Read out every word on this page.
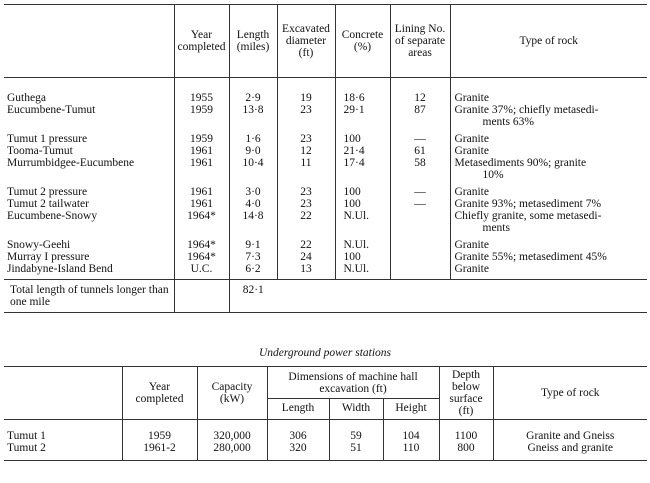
	Year completed	Length (miles)	Excavated diameter (ft)	Concrete (%)	Lining No. of separate areas	Type of rock

Guthega	1955	2·9	19	18·6	12	Granite

Eucumbene-Tumut	1959	13·8	23	29·1	87	Granite 37%; chiefly metasedi-
ments 63%

Tumut 1 pressure	1959	1·6	23	100	—	Granite

Tooma-Tumut	1961	9·0	12	21·4	61	Granite

Murrumbidgee-Eucumbene	1961	10·4	11	17·4	58	Metasediments 90%; granite
10%

Tumut 2 pressure	1961	3·0	23	100	—	Granite

Tumut 2 tailwater	1961	4·0	23	100	—	Granite 93%; metasediment 7%

Eucumbene-Snowy	1964*	14·8	22	N.Ul.		Chiefly granite, some metasedi-
ments

Snowy-Geehi	1964*	9·1	22	N.Ul.		Granite

Murray I pressure	1964*	7·3	24	100		Granite 55%; metasediment 45%

Jindabyne-Island Bend	U.C.	6·2	13	N.Ul.		Granite

Total length of tunnels longer than one mile		82·1				
Underground power stations
	Year completed	Capacity (kW)	Dimensions of machine hall excavation (ft)			Depth below surface (ft)	Type of rock
			Length	Width	Height		

Tumut 1	1959	320,000	306	59	104	1100	Granite and Gneiss
Tumut 2	1961-2	280,000	320	51	110	800	Gneiss and granite
